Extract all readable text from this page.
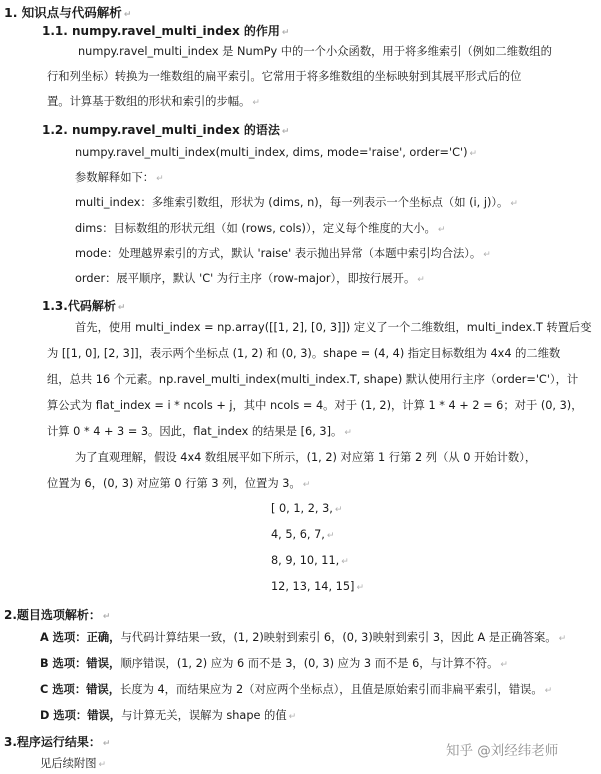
1. 知识点与代码解析 ↵
1.1. numpy.ravel_multi_index 的作用 ↵
numpy.ravel_multi_index 是 NumPy 中的一个小众函数，用于将多维索引（例如二维数组的
行和列坐标）转换为一维数组的扁平索引。它常用于将多维数组的坐标映射到其展平形式后的位
置。计算基于数组的形状和索引的步幅。 ↵
1.2. numpy.ravel_multi_index 的语法 ↵
numpy.ravel_multi_index(multi_index, dims, mode='raise', order='C') ↵
参数解释如下： ↵
multi_index：多维索引数组，形状为 (dims, n)，每一列表示一个坐标点（如 (i, j)）。 ↵
dims：目标数组的形状元组（如 (rows, cols)），定义每个维度的大小。 ↵
mode：处理越界索引的方式，默认 'raise' 表示抛出异常（本题中索引均合法）。 ↵
order：展平顺序，默认 'C' 为行主序（row-major），即按行展开。 ↵
1.3.代码解析 ↵
首先，使用 multi_index = np.array([[1, 2], [0, 3]]) 定义了一个二维数组，multi_index.T 转置后变
为 [[1, 0], [2, 3]]，表示两个坐标点 (1, 2) 和 (0, 3)。shape = (4, 4) 指定目标数组为 4x4 的二维数
组，总共 16 个元素。np.ravel_multi_index(multi_index.T, shape) 默认使用行主序（order='C'），计
算公式为 flat_index = i * ncols + j，其中 ncols = 4。对于 (1, 2)，计算 1 * 4 + 2 = 6；对于 (0, 3)，
计算 0 * 4 + 3 = 3。因此，flat_index 的结果是 [6, 3]。 ↵
为了直观理解，假设 4x4 数组展平如下所示，(1, 2) 对应第 1 行第 2 列（从 0 开始计数），
位置为 6，(0, 3) 对应第 0 行第 3 列，位置为 3。 ↵
[ 0, 1, 2, 3, ↵
4, 5, 6, 7, ↵
8, 9, 10, 11, ↵
12, 13, 14, 15] ↵
2.题目选项解析： ↵
A 选项：正确，与代码计算结果一致，(1, 2)映射到索引 6，(0, 3)映射到索引 3，因此 A 是正确答案。 ↵
B 选项：错误，顺序错误，(1, 2) 应为 6 而不是 3，(0, 3) 应为 3 而不是 6，与计算不符。 ↵
C 选项：错误，长度为 4，而结果应为 2（对应两个坐标点），且值是原始索引而非扁平索引，错误。 ↵
D 选项：错误，与计算无关，误解为 shape 的值 ↵
3.程序运行结果： ↵
见后续附图 ↵
知乎 @刘经纬老师
